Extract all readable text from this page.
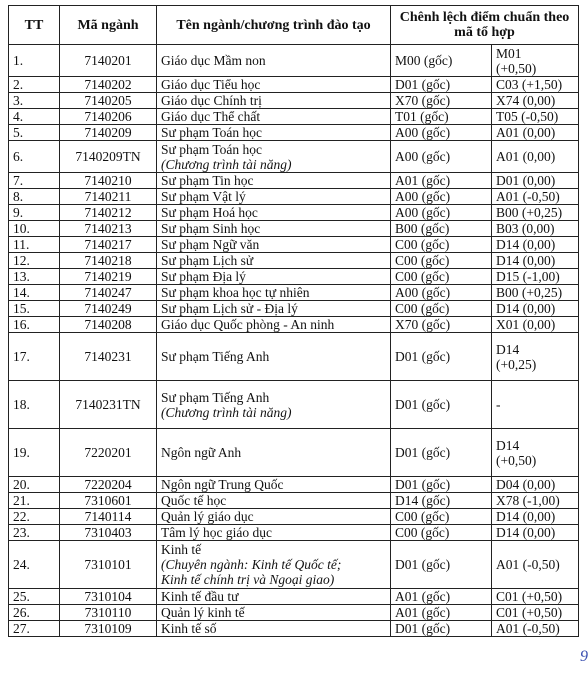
TT	Mã ngành	Tên ngành/chương trình đào tạo	Chênh lệch điểm chuẩn theo
mã tổ hợp	

1.	7140201	Giáo dục Mầm non	M00 (gốc)	M01
(+0,50)

2.	7140202	Giáo dục Tiểu học	D01 (gốc)	C03 (+1,50)

3.	7140205	Giáo dục Chính trị	X70 (gốc)	X74 (0,00)

4.	7140206	Giáo dục Thể chất	T01 (gốc)	T05 (-0,50)

5.	7140209	Sư phạm Toán học	A00 (gốc)	A01 (0,00)

6.	7140209TN	Sư phạm Toán học
(Chương trình tài năng)	A00 (gốc)	A01 (0,00)

7.	7140210	Sư phạm Tin học	A01 (gốc)	D01 (0,00)

8.	7140211	Sư phạm Vật lý	A00 (gốc)	A01 (-0,50)

9.	7140212	Sư phạm Hoá học	A00 (gốc)	B00 (+0,25)

10.	7140213	Sư phạm Sinh học	B00 (gốc)	B03 (0,00)

11.	7140217	Sư phạm Ngữ văn	C00 (gốc)	D14 (0,00)

12.	7140218	Sư phạm Lịch sử	C00 (gốc)	D14 (0,00)

13.	7140219	Sư phạm Địa lý	C00 (gốc)	D15 (-1,00)

14.	7140247	Sư phạm khoa học tự nhiên	A00 (gốc)	B00 (+0,25)

15.	7140249	Sư phạm Lịch sử - Địa lý	C00 (gốc)	D14 (0,00)

16.	7140208	Giáo dục Quốc phòng - An ninh	X70 (gốc)	X01 (0,00)

17.	7140231	Sư phạm Tiếng Anh	D01 (gốc)	D14
(+0,25)

18.	7140231TN	Sư phạm Tiếng Anh
(Chương trình tài năng)	D01 (gốc)	-

19.	7220201	Ngôn ngữ Anh	D01 (gốc)	D14
(+0,50)

20.	7220204	Ngôn ngữ Trung Quốc	D01 (gốc)	D04 (0,00)

21.	7310601	Quốc tế học	D14 (gốc)	X78 (-1,00)

22.	7140114	Quản lý giáo dục	C00 (gốc)	D14 (0,00)

23.	7310403	Tâm lý học giáo dục	C00 (gốc)	D14 (0,00)

24.	7310101	Kinh tế
(Chuyên ngành: Kinh tế Quốc tế;
Kinh tế chính trị và Ngoại giao)	D01 (gốc)	A01 (-0,50)

25.	7310104	Kinh tế đầu tư	A01 (gốc)	C01 (+0,50)

26.	7310110	Quản lý kinh tế	A01 (gốc)	C01 (+0,50)

27.	7310109	Kinh tế số	D01 (gốc)	A01 (-0,50)
9
